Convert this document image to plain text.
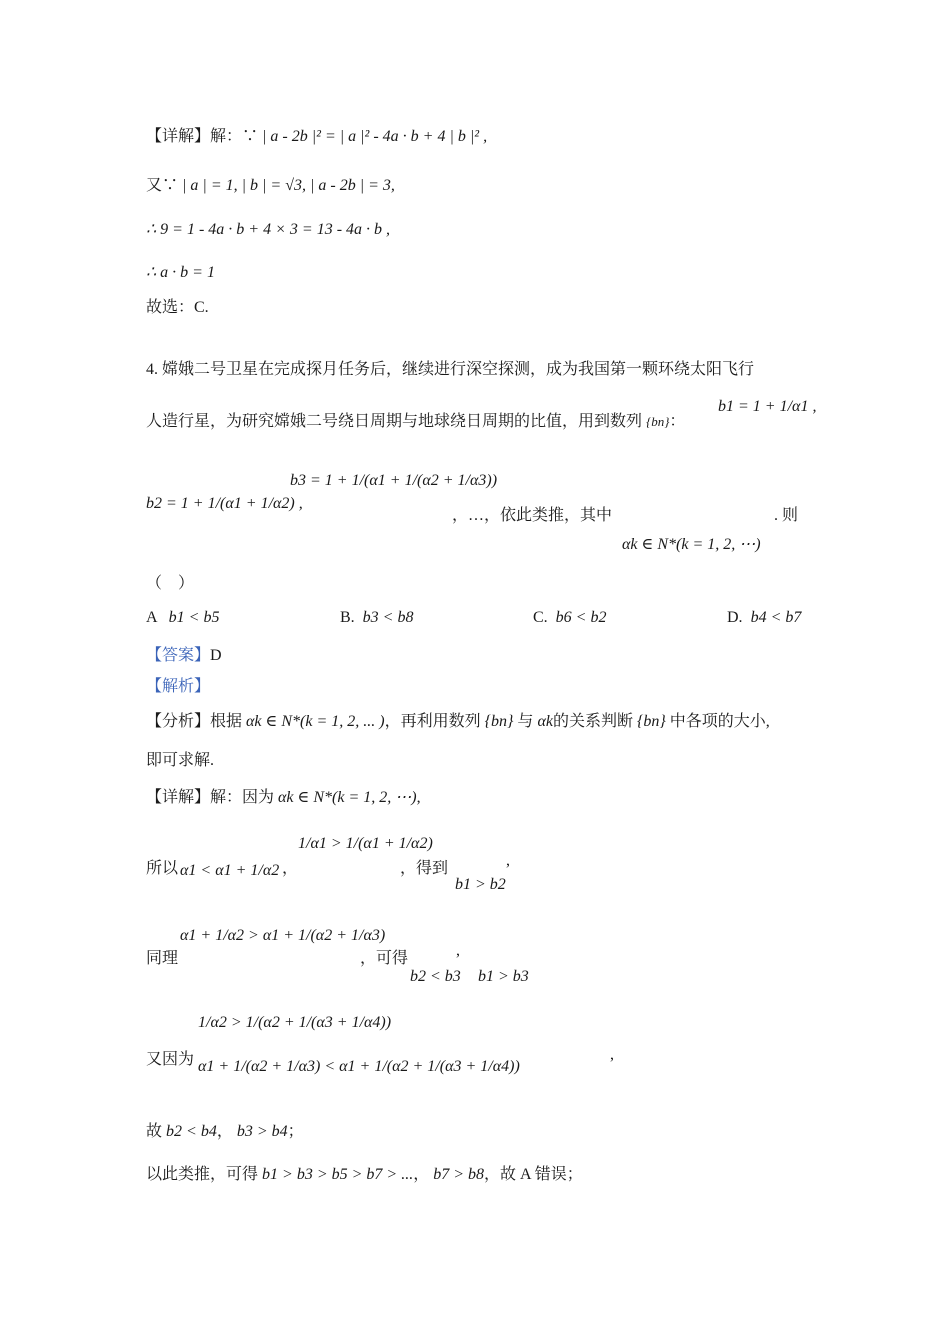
【详解】解：∵ | a - 2b |² = | a |² - 4a · b + 4 | b |² ,
又∵ | a | = 1, | b | = √3, | a - 2b | = 3,
∴ 9 = 1 - 4a · b + 4 × 3 = 13 - 4a · b ,
∴ a · b = 1
故选：C.
4. 嫦娥二号卫星在完成探月任务后，继续进行深空探测，成为我国第一颗环绕太阳飞行
人造行星，为研究嫦娥二号绕日周期与地球绕日周期的比值，用到数列 {bn}：
b1 = 1 + 1/α1 ,
b2 = 1 + 1/(α1 + 1/α2) ,
b3 = 1 + 1/(α1 + 1/(α2 + 1/α3))
，…，依此类推，其中	. 则
αk ∈ N*(k = 1, 2, ⋯)
（　）
A b1 < b5	B. b3 < b8	C. b6 < b2	D. b4 < b7
【答案】D
【解析】
【分析】根据 αk ∈ N*(k = 1, 2, ... )，再利用数列 {bn} 与 αk的关系判断 {bn} 中各项的大小,
即可求解.
【详解】解：因为 αk ∈ N*(k = 1, 2, ⋯),
所以 α1 < α1 + 1/α2 ，
1/α1 > 1/(α1 + 1/α2)
，得到
b1 > b2
,
同理
α1 + 1/α2 > α1 + 1/(α2 + 1/α3)
，可得	,
b2 < b3 b1 > b3
又因为
1/α2 > 1/(α2 + 1/(α3 + 1/α4))
α1 + 1/(α2 + 1/α3) < α1 + 1/(α2 + 1/(α3 + 1/α4))
,
故 b2 < b4， b3 > b4；
以此类推，可得 b1 > b3 > b5 > b7 > ...， b7 > b8，故 A 错误；
